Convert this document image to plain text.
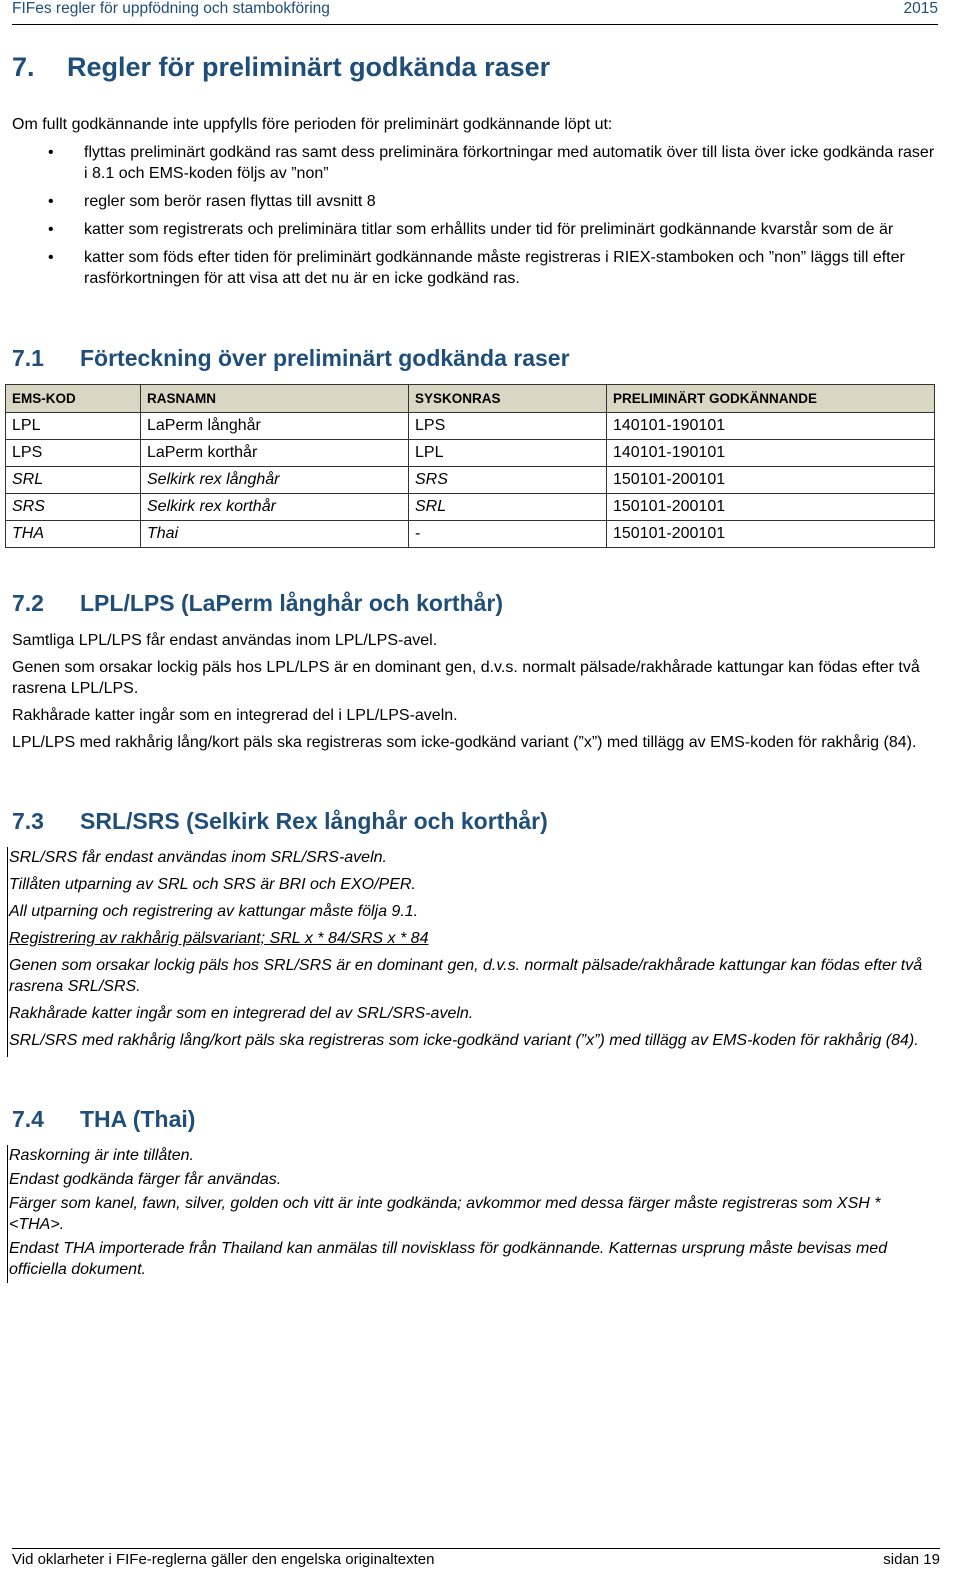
FIFes regler för uppfödning och stambokföring	2015
7. Regler för preliminärt godkända raser

Om fullt godkännande inte uppfylls före perioden för preliminärt godkännande löpt ut:

• flyttas preliminärt godkänd ras samt dess preliminära förkortningar med automatik över till lista över icke godkända raser i 8.1 och EMS-koden följs av ”non”
• regler som berör rasen flyttas till avsnitt 8
• katter som registrerats och preliminära titlar som erhållits under tid för preliminärt godkännande kvarstår som de är
• katter som föds efter tiden för preliminärt godkännande måste registreras i RIEX-stamboken och ”non” läggs till efter rasförkortningen för att visa att det nu är en icke godkänd ras.
7.1 Förteckning över preliminärt godkända raser
EMS-KOD	RASNAMN	SYSKONRAS	PRELIMINÄRT GODKÄNNANDE
LPL	LaPerm långhår	LPS	140101-190101
LPS	LaPerm korthår	LPL	140101-190101
SRL	Selkirk rex långhår	SRS	150101-200101
SRS	Selkirk rex korthår	SRL	150101-200101
THA	Thai	-	150101-200101
7.2 LPL/LPS (LaPerm långhår och korthår)

Samtliga LPL/LPS får endast användas inom LPL/LPS-avel.

Genen som orsakar lockig päls hos LPL/LPS är en dominant gen, d.v.s. normalt pälsade/rakhårade kattungar kan födas efter två rasrena LPL/LPS.

Rakhårade katter ingår som en integrerad del i LPL/LPS-aveln.

LPL/LPS med rakhårig lång/kort päls ska registreras som icke-godkänd variant (”x”) med tillägg av EMS-koden för rakhårig (84).

7.3 SRL/SRS (Selkirk Rex långhår och korthår)

SRL/SRS får endast användas inom SRL/SRS-aveln.

Tillåten utparning av SRL och SRS är BRI och EXO/PER.

All utparning och registrering av kattungar måste följa 9.1.

Registrering av rakhårig pälsvariant; SRL x * 84/SRS x * 84

Genen som orsakar lockig päls hos SRL/SRS är en dominant gen, d.v.s. normalt pälsade/rakhårade kattungar kan födas efter två rasrena SRL/SRS.

Rakhårade katter ingår som en integrerad del av SRL/SRS-aveln.

SRL/SRS med rakhårig lång/kort päls ska registreras som icke-godkänd variant (”x”) med tillägg av EMS-koden för rakhårig (84).

7.4 THA (Thai)

Raskorning är inte tillåten.

Endast godkända färger får användas.

Färger som kanel, fawn, silver, golden och vitt är inte godkända; avkommor med dessa färger måste registreras som XSH * <THA>.

Endast THA importerade från Thailand kan anmälas till novisklass för godkännande. Katternas ursprung måste bevisas med officiella dokument.

Vid oklarheter i FIFe-reglerna gäller den engelska originaltexten	sidan 19
